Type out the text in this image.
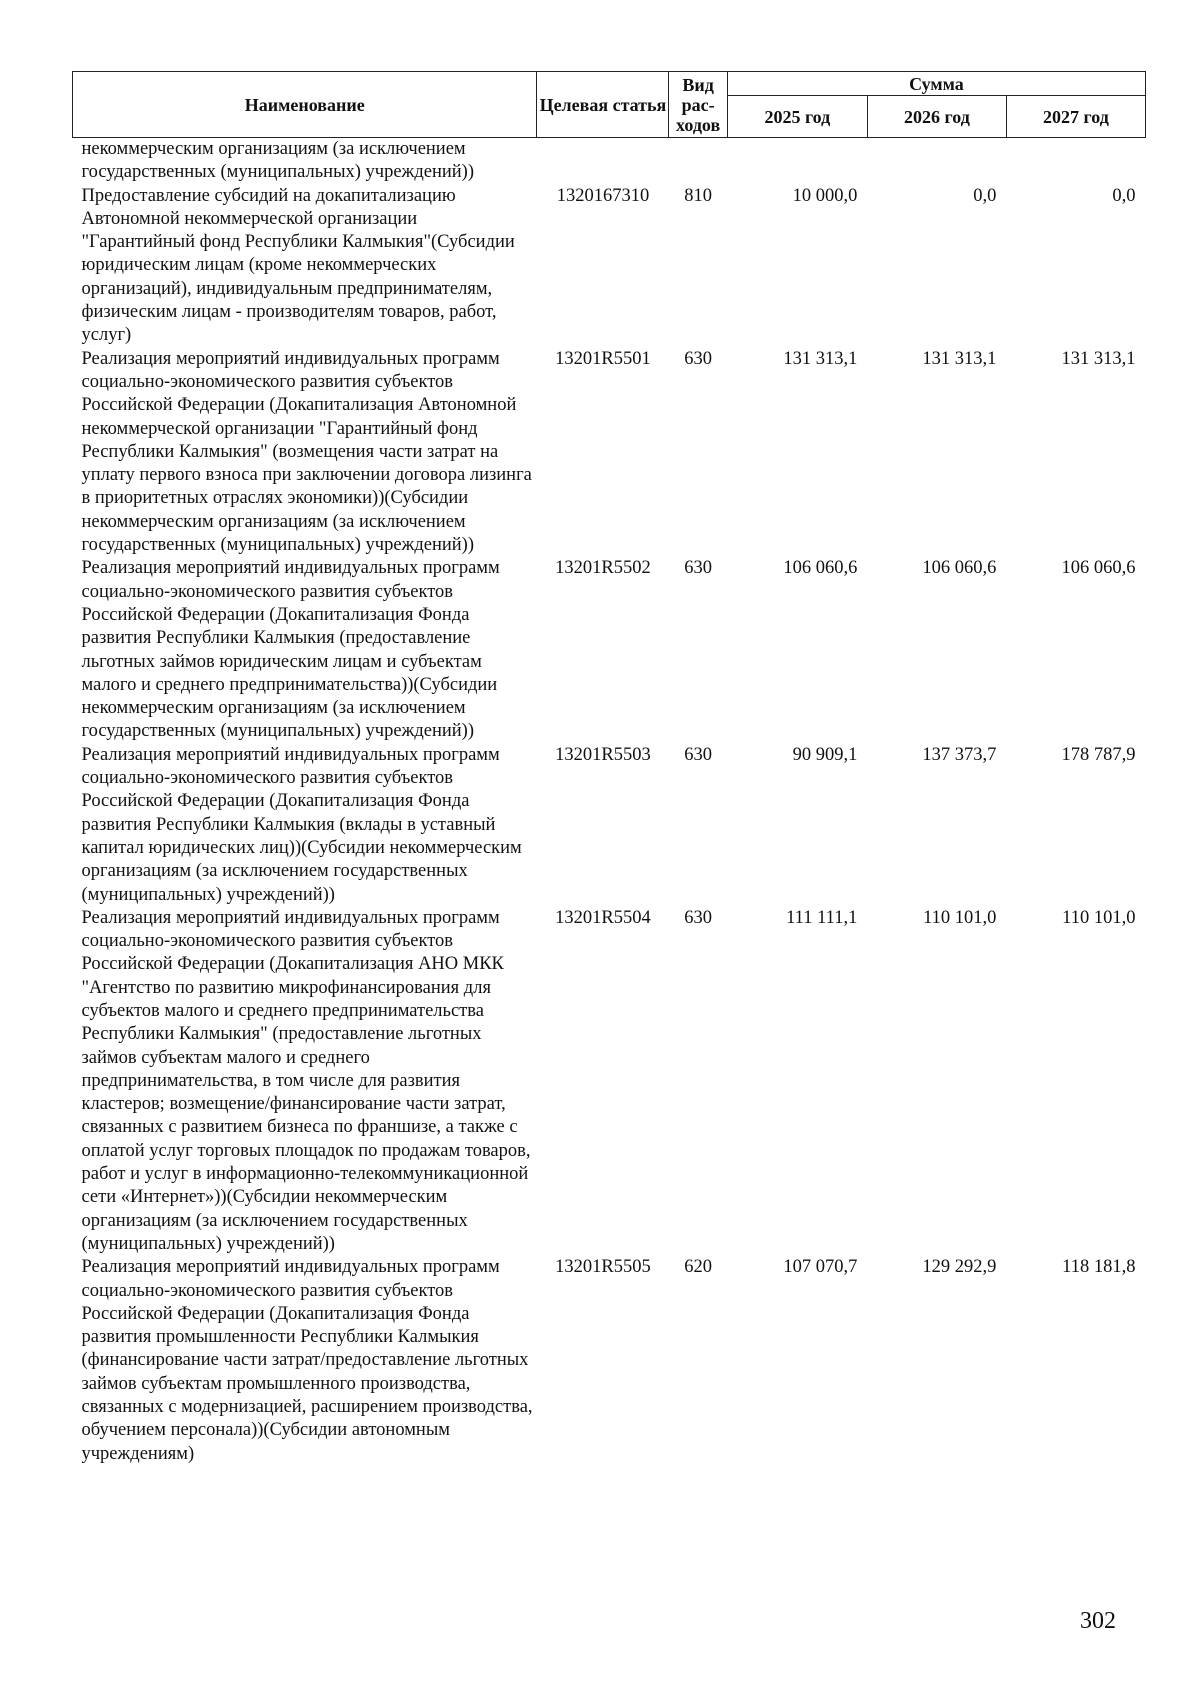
Наименование	Целевая статья	Вид рас-ходов	Сумма		
			2025 год	2026 год	2027 год
некоммерческим организациям (за исключением государственных (муниципальных) учреждений))					
Предоставление субсидий на докапитализацию Автономной некоммерческой организации "Гарантийный фонд Республики Калмыкия"(Субсидии юридическим лицам (кроме некоммерческих организаций), индивидуальным предпринимателям, физическим лицам - производителям товаров, работ, услуг)	1320167310	810	10 000,0	0,0	0,0
Реализация мероприятий индивидуальных программ социально-экономического развития субъектов Российской Федерации (Докапитализация Автономной некоммерческой организации "Гарантийный фонд Республики Калмыкия" (возмещения части затрат на уплату первого взноса при заключении договора лизинга в приоритетных отраслях экономики))(Субсидии некоммерческим организациям (за исключением государственных (муниципальных) учреждений))	13201R5501	630	131 313,1	131 313,1	131 313,1
Реализация мероприятий индивидуальных программ социально-экономического развития субъектов Российской Федерации (Докапитализация Фонда развития Республики Калмыкия (предоставление льготных займов юридическим лицам и субъектам малого и среднего предпринимательства))(Субсидии некоммерческим организациям (за исключением государственных (муниципальных) учреждений))	13201R5502	630	106 060,6	106 060,6	106 060,6
Реализация мероприятий индивидуальных программ социально-экономического развития субъектов Российской Федерации (Докапитализация Фонда развития Республики Калмыкия (вклады в уставный капитал юридических лиц))(Субсидии некоммерческим организациям (за исключением государственных (муниципальных) учреждений))	13201R5503	630	90 909,1	137 373,7	178 787,9
Реализация мероприятий индивидуальных программ социально-экономического развития субъектов Российской Федерации (Докапитализация АНО МКК "Агентство по развитию микрофинансирования для субъектов малого и среднего предпринимательства Республики Калмыкия" (предоставление льготных займов субъектам малого и среднего предпринимательства, в том числе для развития кластеров; возмещение/финансирование части затрат, связанных с развитием бизнеса по франшизе, а также с оплатой услуг торговых площадок по продажам товаров, работ и услуг в информационно-телекоммуникационной сети «Интернет»))(Субсидии некоммерческим организациям (за исключением государственных (муниципальных) учреждений))	13201R5504	630	111 111,1	110 101,0	110 101,0
Реализация мероприятий индивидуальных программ социально-экономического развития субъектов Российской Федерации (Докапитализация Фонда развития промышленности Республики Калмыкия (финансирование части затрат/предоставление льготных займов субъектам промышленного производства, связанных с модернизацией, расширением производства, обучением персонала))(Субсидии автономным учреждениям)	13201R5505	620	107 070,7	129 292,9	118 181,8
302
